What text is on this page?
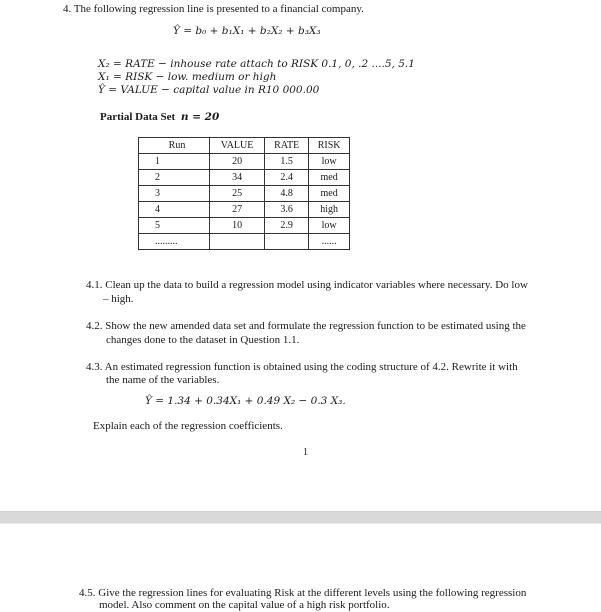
4. The following regression line is presented to a financial company.
Ŷ = b₀ + b₁X₁ + b₂X₂ + b₃X₃
X₂ = RATE − inhouse rate attach to RISK 0.1, 0, .2 ....5, 5.1
X₁ = RISK − low. medium or high
Ŷ = VALUE − capital value in R10 000.00
Partial Data Set n = 20
Run	VALUE	RATE	RISK
1	20	1.5	low
2	34	2.4	med
3	25	4.8	med
4	27	3.6	high
5	10	2.9	low
.........			......
4.1. Clean up the data to build a regression model using indicator variables where necessary. Do low
– high.
4.2. Show the new amended data set and formulate the regression function to be estimated using the
changes done to the dataset in Question 1.1.
4.3. An estimated regression function is obtained using the coding structure of 4.2. Rewrite it with
the name of the variables.
Ŷ = 1.34 + 0.34X₁ + 0.49 X₂ − 0.3 X₃.
Explain each of the regression coefficients.
1
4.5. Give the regression lines for evaluating Risk at the different levels using the following regression
model. Also comment on the capital value of a high risk portfolio.
